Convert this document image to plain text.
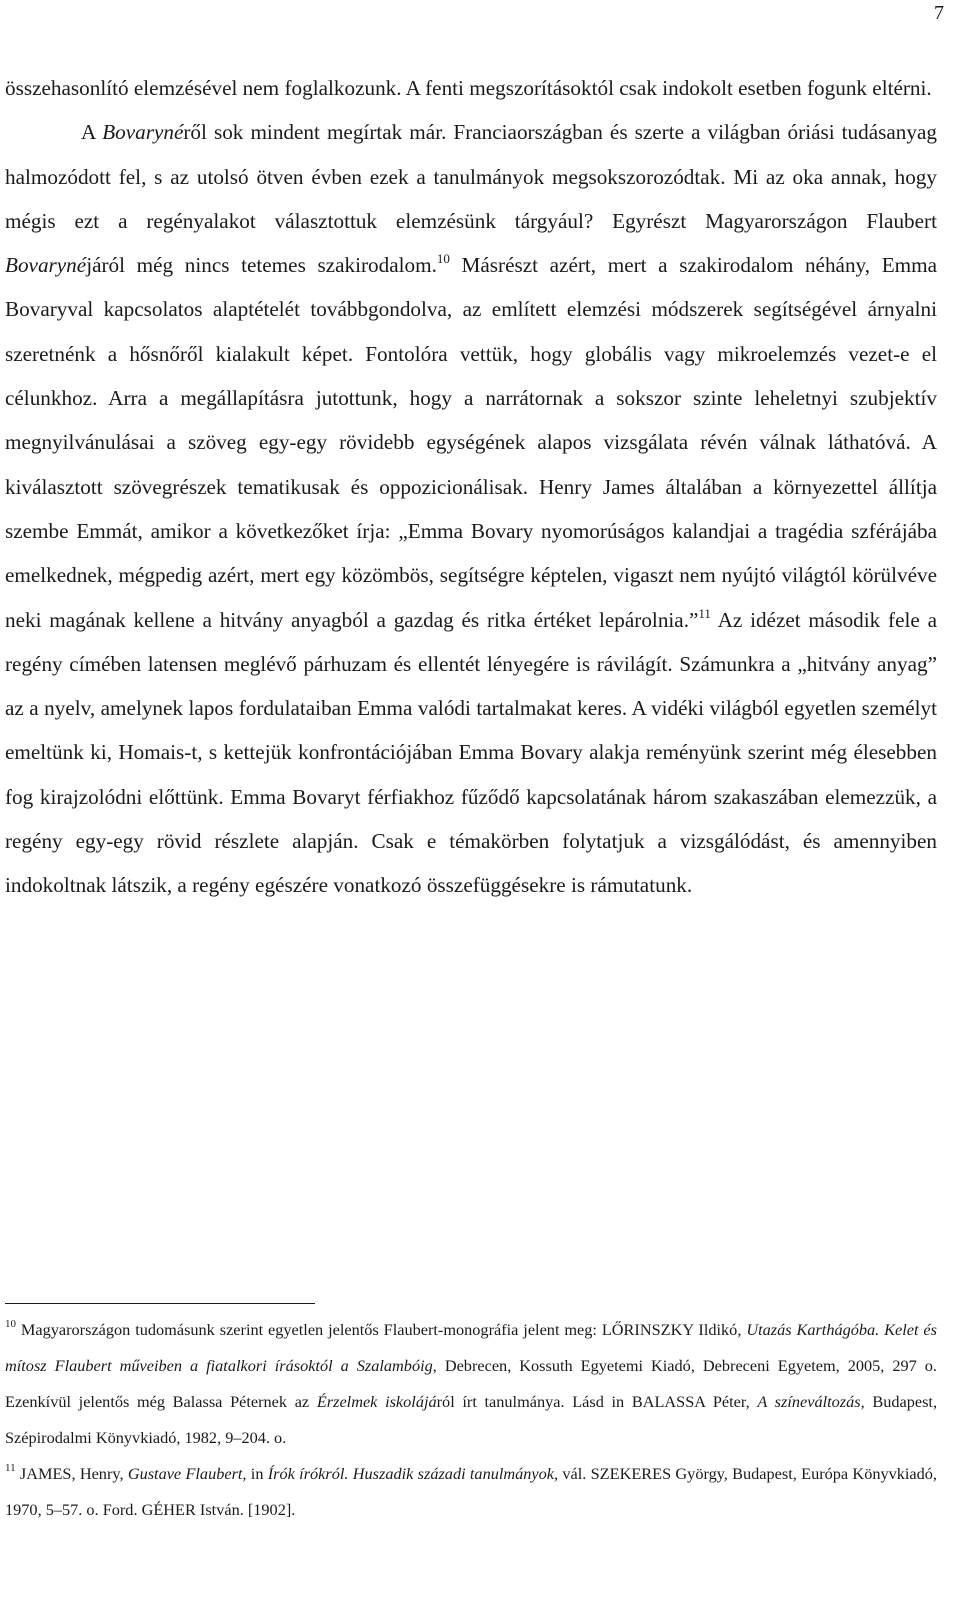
7

összehasonlító elemzésével nem foglalkozunk. A fenti megszorításoktól csak indokolt esetben fogunk eltérni.

A Bovarynéről sok mindent megírtak már. Franciaországban és szerte a világban óriási tudásanyag halmozódott fel, s az utolsó ötven évben ezek a tanulmányok megsokszorozódtak. Mi az oka annak, hogy mégis ezt a regényalakot választottuk elemzésünk tárgyául? Egyrészt Magyarországon Flaubert Bovarynéjáról még nincs tetemes szakirodalom.$^{10}$ Másrészt azért, mert a szakirodalom néhány, Emma Bovaryval kapcsolatos alaptételét továbbgondolva, az említett elemzési módszerek segítségével árnyalni szeretnénk a hősnőről kialakult képet. Fontolóra vettük, hogy globális vagy mikroelemzés vezet-e el célunkhoz. Arra a megállapításra jutottunk, hogy a narrátornak a sokszor szinte leheletnyi szubjektív megnyilvánulásai a szöveg egy-egy rövidebb egységének alapos vizsgálata révén válnak láthatóvá. A kiválasztott szövegrészek tematikusak és oppozicionálisak. Henry James általában a környezettel állítja szembe Emmát, amikor a következőket írja: „Emma Bovary nyomorúságos kalandjai a tragédia szférájába emelkednek, mégpedig azért, mert egy közömbös, segítségre képtelen, vigaszt nem nyújtó világtól körülvéve neki magának kellene a hitvány anyagból a gazdag és ritka értéket lepárolnia.”$^{11}$ Az idézet második fele a regény címében latensen meglévő párhuzam és ellentét lényegére is rávilágít. Számunkra a „hitvány anyag” az a nyelv, amelynek lapos fordulataiban Emma valódi tartalmakat keres. A vidéki világból egyetlen személyt emeltünk ki, Homais-t, s kettejük konfrontációjában Emma Bovary alakja reményünk szerint még élesebben fog kirajzolódni előttünk. Emma Bovaryt férfiakhoz fűződő kapcsolatának három szakaszában elemezzük, a regény egy-egy rövid részlete alapján. Csak e témakörben folytatjuk a vizsgálódást, és amennyiben indokoltnak látszik, a regény egészére vonatkozó összefüggésekre is rámutatunk.

$^{10}$ Magyarországon tudomásunk szerint egyetlen jelentős Flaubert-monográfia jelent meg: LŐRINSZKY Ildikó, Utazás Karthágóba. Kelet és mítosz Flaubert műveiben a fiatalkori írásoktól a Szalambóig, Debrecen, Kossuth Egyetemi Kiadó, Debreceni Egyetem, 2005, 297 o. Ezenkívül jelentős még Balassa Péternek az Érzelmek iskolájáról írt tanulmánya. Lásd in BALASSA Péter, A színeváltozás, Budapest, Szépirodalmi Könyvkiadó, 1982, 9–204. o.

$^{11}$ JAMES, Henry, Gustave Flaubert, in Írók írókról. Huszadik századi tanulmányok, vál. SZEKERES György, Budapest, Európa Könyvkiadó, 1970, 5–57. o. Ford. GÉHER István. [1902].
